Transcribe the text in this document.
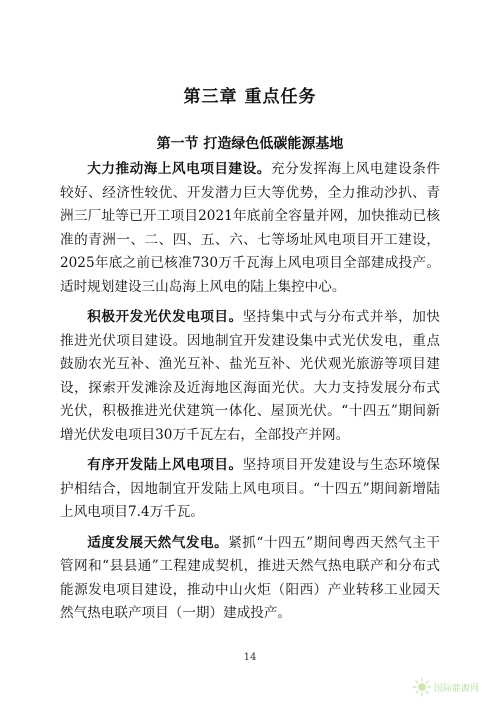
第三章 重点任务
第一节 打造绿色低碳能源基地

大力推动海上风电项目建设。充分发挥海上风电建设条件较好、经济性较优、开发潜力巨大等优势，全力推动沙扒、青洲三厂址等已开工项目2021年底前全容量并网，加快推动已核准的青洲一、二、四、五、六、七等场址风电项目开工建设，2025年底之前已核准730万千瓦海上风电项目全部建成投产。适时规划建设三山岛海上风电的陆上集控中心。

积极开发光伏发电项目。坚持集中式与分布式并举，加快推进光伏项目建设。因地制宜开发建设集中式光伏发电，重点鼓励农光互补、渔光互补、盐光互补、光伏观光旅游等项目建设，探索开发滩涂及近海地区海面光伏。大力支持发展分布式光伏，积极推进光伏建筑一体化、屋顶光伏。“十四五”期间新增光伏发电项目30万千瓦左右，全部投产并网。

有序开发陆上风电项目。坚持项目开发建设与生态环境保护相结合，因地制宜开发陆上风电项目。“十四五”期间新增陆上风电项目7.4万千瓦。

适度发展天然气发电。紧抓“十四五”期间粤西天然气主干管网和“县县通”工程建成契机，推进天然气热电联产和分布式能源发电项目建设，推动中山火炬（阳西）产业转移工业园天然气热电联产项目（一期）建成投产。

14
国际能源网
